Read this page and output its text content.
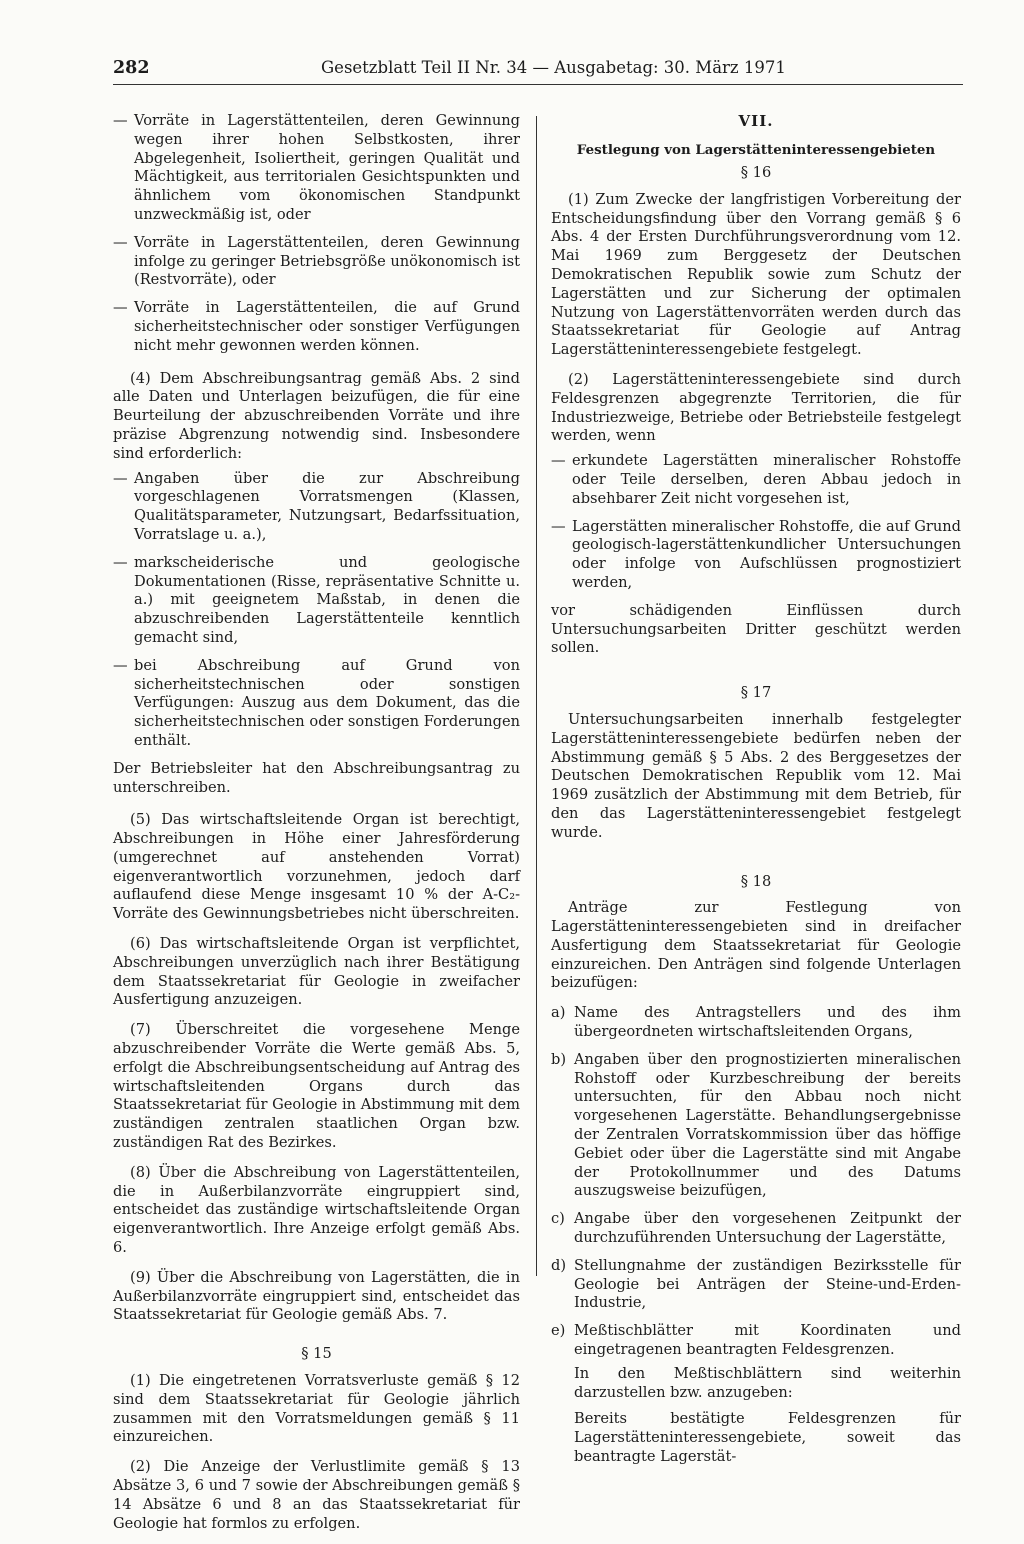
282	Gesetzblatt Teil II Nr. 34 — Ausgabetag: 30. März 1971
— Vorräte in Lagerstättenteilen, deren Gewinnung wegen ihrer hohen Selbstkosten, ihrer Abgelegenheit, Isoliertheit, geringen Qualität und Mächtigkeit, aus territorialen Gesichtspunkten und ähnlichem vom ökonomischen Standpunkt unzweckmäßig ist, oder
— Vorräte in Lagerstättenteilen, deren Gewinnung infolge zu geringer Betriebsgröße unökonomisch ist (Restvorräte), oder
— Vorräte in Lagerstättenteilen, die auf Grund sicherheitstechnischer oder sonstiger Verfügungen nicht mehr gewonnen werden können.

(4) Dem Abschreibungsantrag gemäß Abs. 2 sind alle Daten und Unterlagen beizufügen, die für eine Beurteilung der abzuschreibenden Vorräte und ihre präzise Abgrenzung notwendig sind. Insbesondere sind erforderlich:

— Angaben über die zur Abschreibung vorgeschlagenen Vorratsmengen (Klassen, Qualitätsparameter, Nutzungsart, Bedarfssituation, Vorratslage u. a.),
— markscheiderische und geologische Dokumentationen (Risse, repräsentative Schnitte u. a.) mit geeignetem Maßstab, in denen die abzuschreibenden Lagerstättenteile kenntlich gemacht sind,
— bei Abschreibung auf Grund von sicherheitstechnischen oder sonstigen Verfügungen: Auszug aus dem Dokument, das die sicherheitstechnischen oder sonstigen Forderungen enthält.

Der Betriebsleiter hat den Abschreibungsantrag zu unterschreiben.

(5) Das wirtschaftsleitende Organ ist berechtigt, Abschreibungen in Höhe einer Jahresförderung (umgerechnet auf anstehenden Vorrat) eigenverantwortlich vorzunehmen, jedoch darf auflaufend diese Menge insgesamt 10 % der A-C₂-Vorräte des Gewinnungsbetriebes nicht überschreiten.

(6) Das wirtschaftsleitende Organ ist verpflichtet, Abschreibungen unverzüglich nach ihrer Bestätigung dem Staatssekretariat für Geologie in zweifacher Ausfertigung anzuzeigen.

(7) Überschreitet die vorgesehene Menge abzuschreibender Vorräte die Werte gemäß Abs. 5, erfolgt die Abschreibungsentscheidung auf Antrag des wirtschaftsleitenden Organs durch das Staatssekretariat für Geologie in Abstimmung mit dem zuständigen zentralen staatlichen Organ bzw. zuständigen Rat des Bezirkes.

(8) Über die Abschreibung von Lagerstättenteilen, die in Außerbilanzvorräte eingruppiert sind, entscheidet das zuständige wirtschaftsleitende Organ eigenverantwortlich. Ihre Anzeige erfolgt gemäß Abs. 6.

(9) Über die Abschreibung von Lagerstätten, die in Außerbilanzvorräte eingruppiert sind, entscheidet das Staatssekretariat für Geologie gemäß Abs. 7.

§ 15

(1) Die eingetretenen Vorratsverluste gemäß § 12 sind dem Staatssekretariat für Geologie jährlich zusammen mit den Vorratsmeldungen gemäß § 11 einzureichen.

(2) Die Anzeige der Verlustlimite gemäß § 13 Absätze 3, 6 und 7 sowie der Abschreibungen gemäß § 14 Absätze 6 und 8 an das Staatssekretariat für Geologie hat formlos zu erfolgen.

VII.

Festlegung von Lagerstätteninteressengebieten

§ 16

(1) Zum Zwecke der langfristigen Vorbereitung der Entscheidungsfindung über den Vorrang gemäß § 6 Abs. 4 der Ersten Durchführungsverordnung vom 12. Mai 1969 zum Berggesetz der Deutschen Demokratischen Republik sowie zum Schutz der Lagerstätten und zur Sicherung der optimalen Nutzung von Lagerstättenvorräten werden durch das Staatssekretariat für Geologie auf Antrag Lagerstätteninteressengebiete festgelegt.

(2) Lagerstätteninteressengebiete sind durch Feldesgrenzen abgegrenzte Territorien, die für Industriezweige, Betriebe oder Betriebsteile festgelegt werden, wenn

— erkundete Lagerstätten mineralischer Rohstoffe oder Teile derselben, deren Abbau jedoch in absehbarer Zeit nicht vorgesehen ist,
— Lagerstätten mineralischer Rohstoffe, die auf Grund geologisch-lagerstättenkundlicher Untersuchungen oder infolge von Aufschlüssen prognostiziert werden,

vor schädigenden Einflüssen durch Untersuchungsarbeiten Dritter geschützt werden sollen.

§ 17

Untersuchungsarbeiten innerhalb festgelegter Lagerstätteninteressengebiete bedürfen neben der Abstimmung gemäß § 5 Abs. 2 des Berggesetzes der Deutschen Demokratischen Republik vom 12. Mai 1969 zusätzlich der Abstimmung mit dem Betrieb, für den das Lagerstätteninteressengebiet festgelegt wurde.

§ 18

Anträge zur Festlegung von Lagerstätteninteressengebieten sind in dreifacher Ausfertigung dem Staatssekretariat für Geologie einzureichen. Den Anträgen sind folgende Unterlagen beizufügen:

a) Name des Antragstellers und des ihm übergeordneten wirtschaftsleitenden Organs,
b) Angaben über den prognostizierten mineralischen Rohstoff oder Kurzbeschreibung der bereits untersuchten, für den Abbau noch nicht vorgesehenen Lagerstätte. Behandlungsergebnisse der Zentralen Vorratskommission über das höffige Gebiet oder über die Lagerstätte sind mit Angabe der Protokollnummer und des Datums auszugsweise beizufügen,
c) Angabe über den vorgesehenen Zeitpunkt der durchzuführenden Untersuchung der Lagerstätte,
d) Stellungnahme der zuständigen Bezirksstelle für Geologie bei Anträgen der Steine-und-Erden-Industrie,
e) Meßtischblätter mit Koordinaten und eingetragenen beantragten Feldesgrenzen.

In den Meßtischblättern sind weiterhin darzustellen bzw. anzugeben:

Bereits bestätigte Feldesgrenzen für Lagerstätteninteressengebiete, soweit das beantragte Lagerstät-
